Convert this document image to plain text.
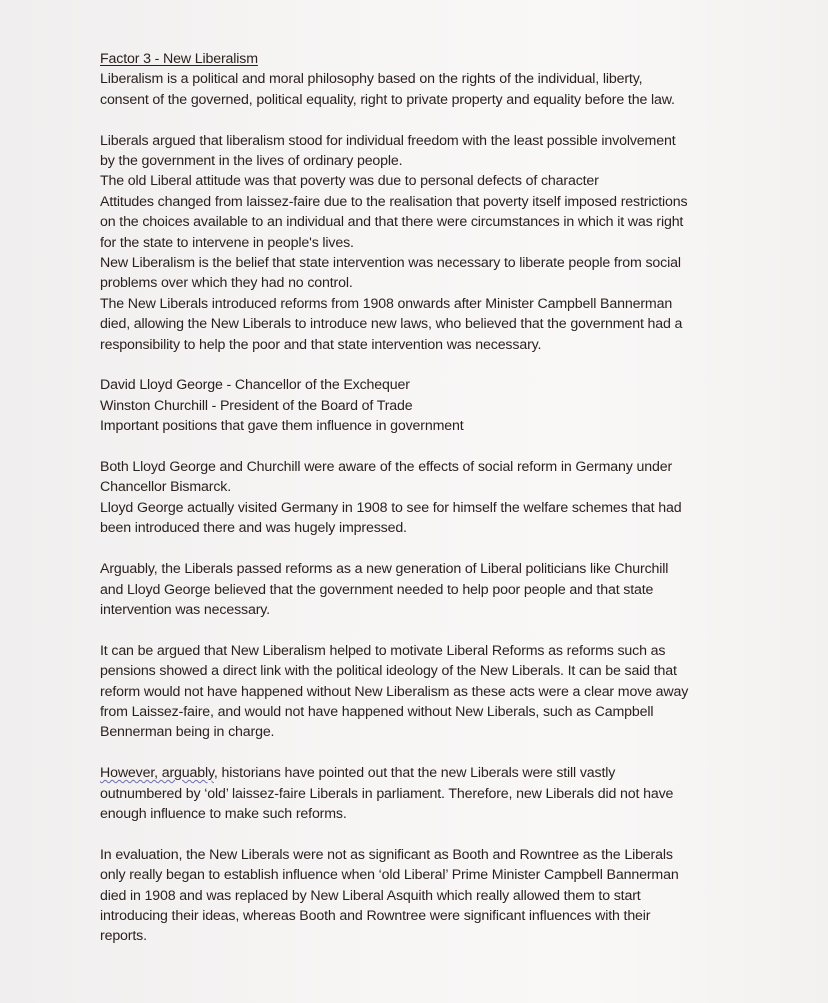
Factor 3 - New Liberalism

Liberalism is a political and moral philosophy based on the rights of the individual, liberty,

consent of the governed, political equality, right to private property and equality before the law.

Liberals argued that liberalism stood for individual freedom with the least possible involvement

by the government in the lives of ordinary people.

The old Liberal attitude was that poverty was due to personal defects of character

Attitudes changed from laissez-faire due to the realisation that poverty itself imposed restrictions

on the choices available to an individual and that there were circumstances in which it was right

for the state to intervene in people's lives.

New Liberalism is the belief that state intervention was necessary to liberate people from social

problems over which they had no control.

The New Liberals introduced reforms from 1908 onwards after Minister Campbell Bannerman

died, allowing the New Liberals to introduce new laws, who believed that the government had a

responsibility to help the poor and that state intervention was necessary.

David Lloyd George - Chancellor of the Exchequer

Winston Churchill - President of the Board of Trade

Important positions that gave them influence in government

Both Lloyd George and Churchill were aware of the effects of social reform in Germany under

Chancellor Bismarck.

Lloyd George actually visited Germany in 1908 to see for himself the welfare schemes that had

been introduced there and was hugely impressed.

Arguably, the Liberals passed reforms as a new generation of Liberal politicians like Churchill

and Lloyd George believed that the government needed to help poor people and that state

intervention was necessary.

It can be argued that New Liberalism helped to motivate Liberal Reforms as reforms such as

pensions showed a direct link with the political ideology of the New Liberals. It can be said that

reform would not have happened without New Liberalism as these acts were a clear move away

from Laissez-faire, and would not have happened without New Liberals, such as Campbell

Bennerman being in charge.

However, arguably, historians have pointed out that the new Liberals were still vastly

outnumbered by ‘old’ laissez-faire Liberals in parliament. Therefore, new Liberals did not have

enough influence to make such reforms.

In evaluation, the New Liberals were not as significant as Booth and Rowntree as the Liberals

only really began to establish influence when ‘old Liberal’ Prime Minister Campbell Bannerman

died in 1908 and was replaced by New Liberal Asquith which really allowed them to start

introducing their ideas, whereas Booth and Rowntree were significant influences with their

reports.
